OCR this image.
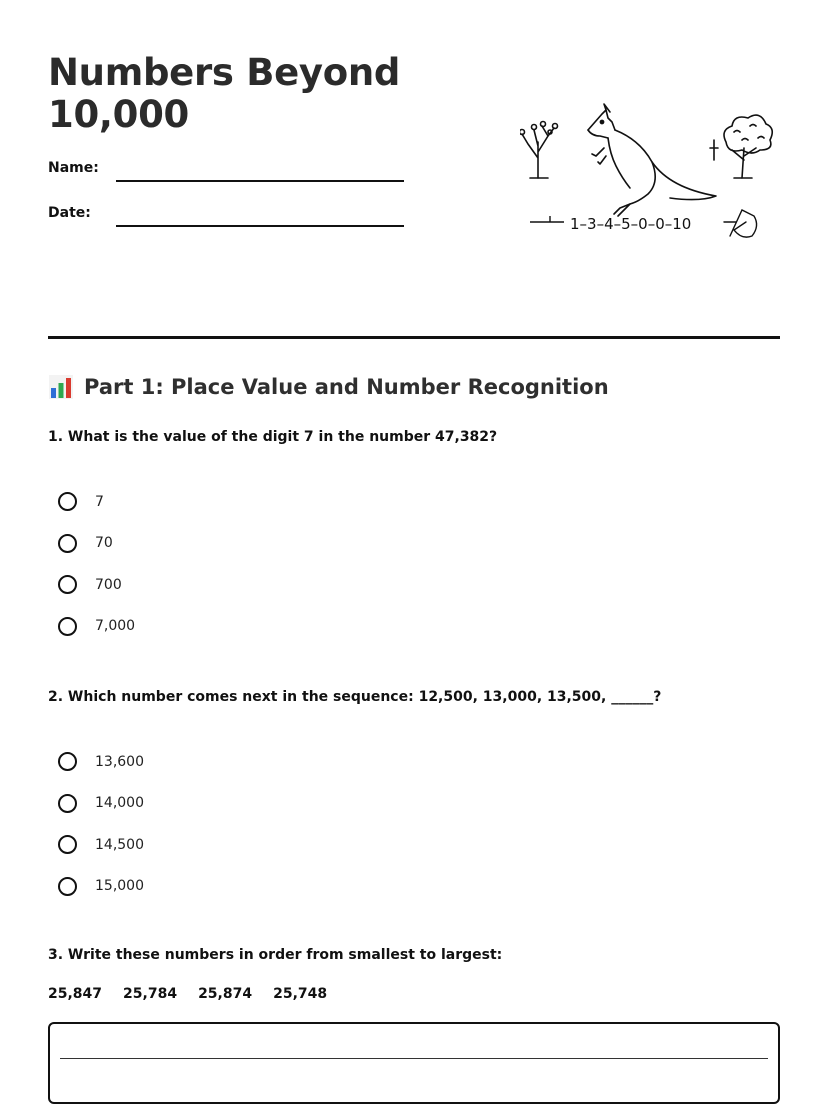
Numbers Beyond 10,000
Name:
Date:
1–3–4–5–0–0–10
Part 1: Place Value and Number Recognition

1. What is the value of the digit 7 in the number 47,382?

7
70
700
7,000

2. Which number comes next in the sequence: 12,500, 13,000, 13,500, ______?

13,600
14,000
14,500
15,000

3. Write these numbers in order from smallest to largest:

25,847 25,784 25,874 25,748
